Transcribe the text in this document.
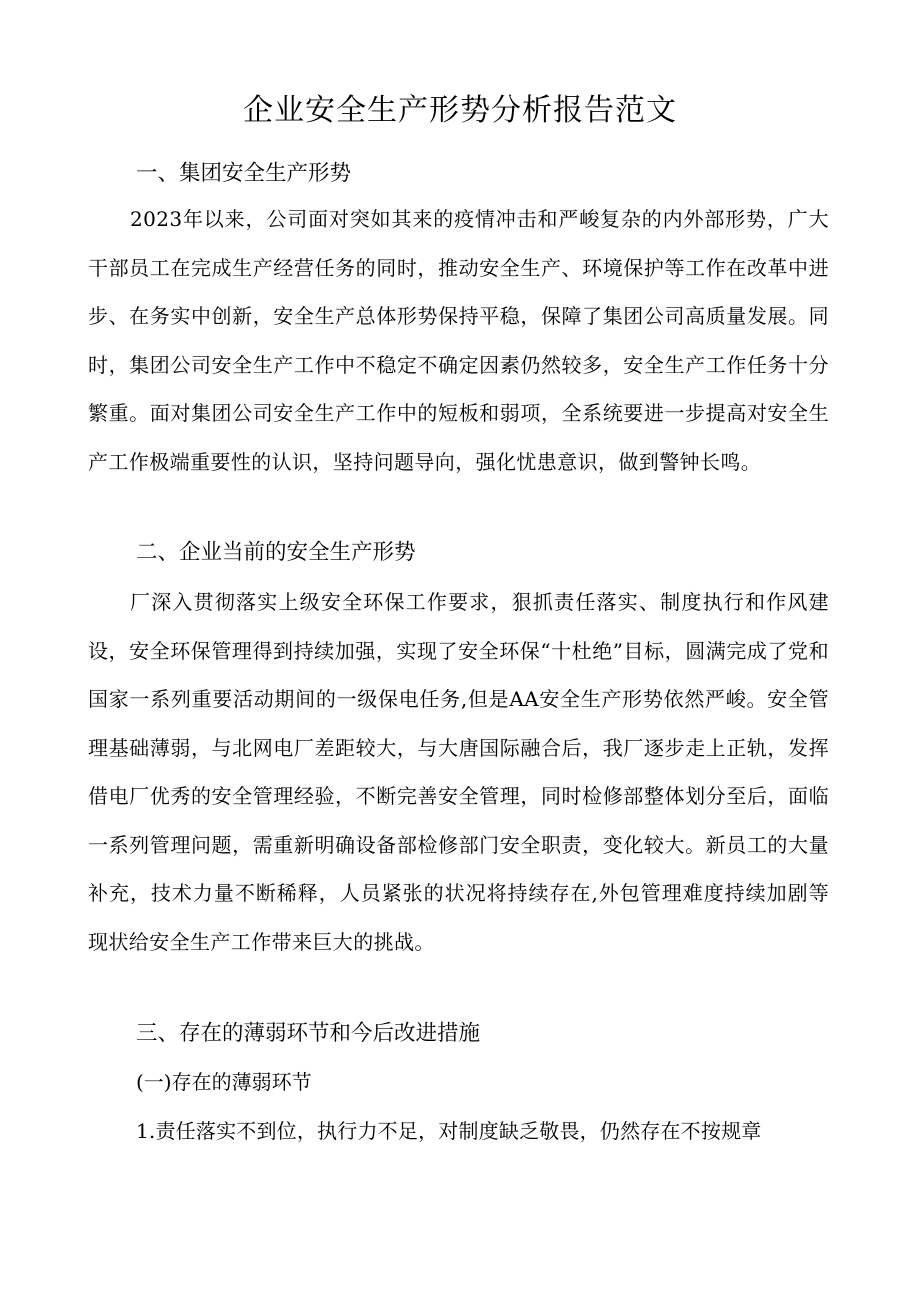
企业安全生产形势分析报告范文
一、集团安全生产形势

2023年以来，公司面对突如其来的疫情冲击和严峻复杂的内外部形势，广大干部员工在完成生产经营任务的同时，推动安全生产、环境保护等工作在改革中进步、在务实中创新，安全生产总体形势保持平稳，保障了集团公司高质量发展。同时，集团公司安全生产工作中不稳定不确定因素仍然较多，安全生产工作任务十分繁重。面对集团公司安全生产工作中的短板和弱项，全系统要进一步提高对安全生产工作极端重要性的认识，坚持问题导向，强化忧患意识，做到警钟长鸣。

二、企业当前的安全生产形势

厂深入贯彻落实上级安全环保工作要求，狠抓责任落实、制度执行和作风建设，安全环保管理得到持续加强，实现了安全环保“十杜绝”目标，圆满完成了党和国家一系列重要活动期间的一级保电任务,但是AA安全生产形势依然严峻。安全管理基础薄弱，与北网电厂差距较大，与大唐国际融合后，我厂逐步走上正轨，发挥借电厂优秀的安全管理经验，不断完善安全管理，同时检修部整体划分至后，面临一系列管理问题，需重新明确设备部检修部门安全职责，变化较大。新员工的大量补充，技术力量不断稀释，人员紧张的状况将持续存在,外包管理难度持续加剧等现状给安全生产工作带来巨大的挑战。

三、存在的薄弱环节和今后改进措施

(一)存在的薄弱环节

1.责任落实不到位，执行力不足，对制度缺乏敬畏，仍然存在不按规章
